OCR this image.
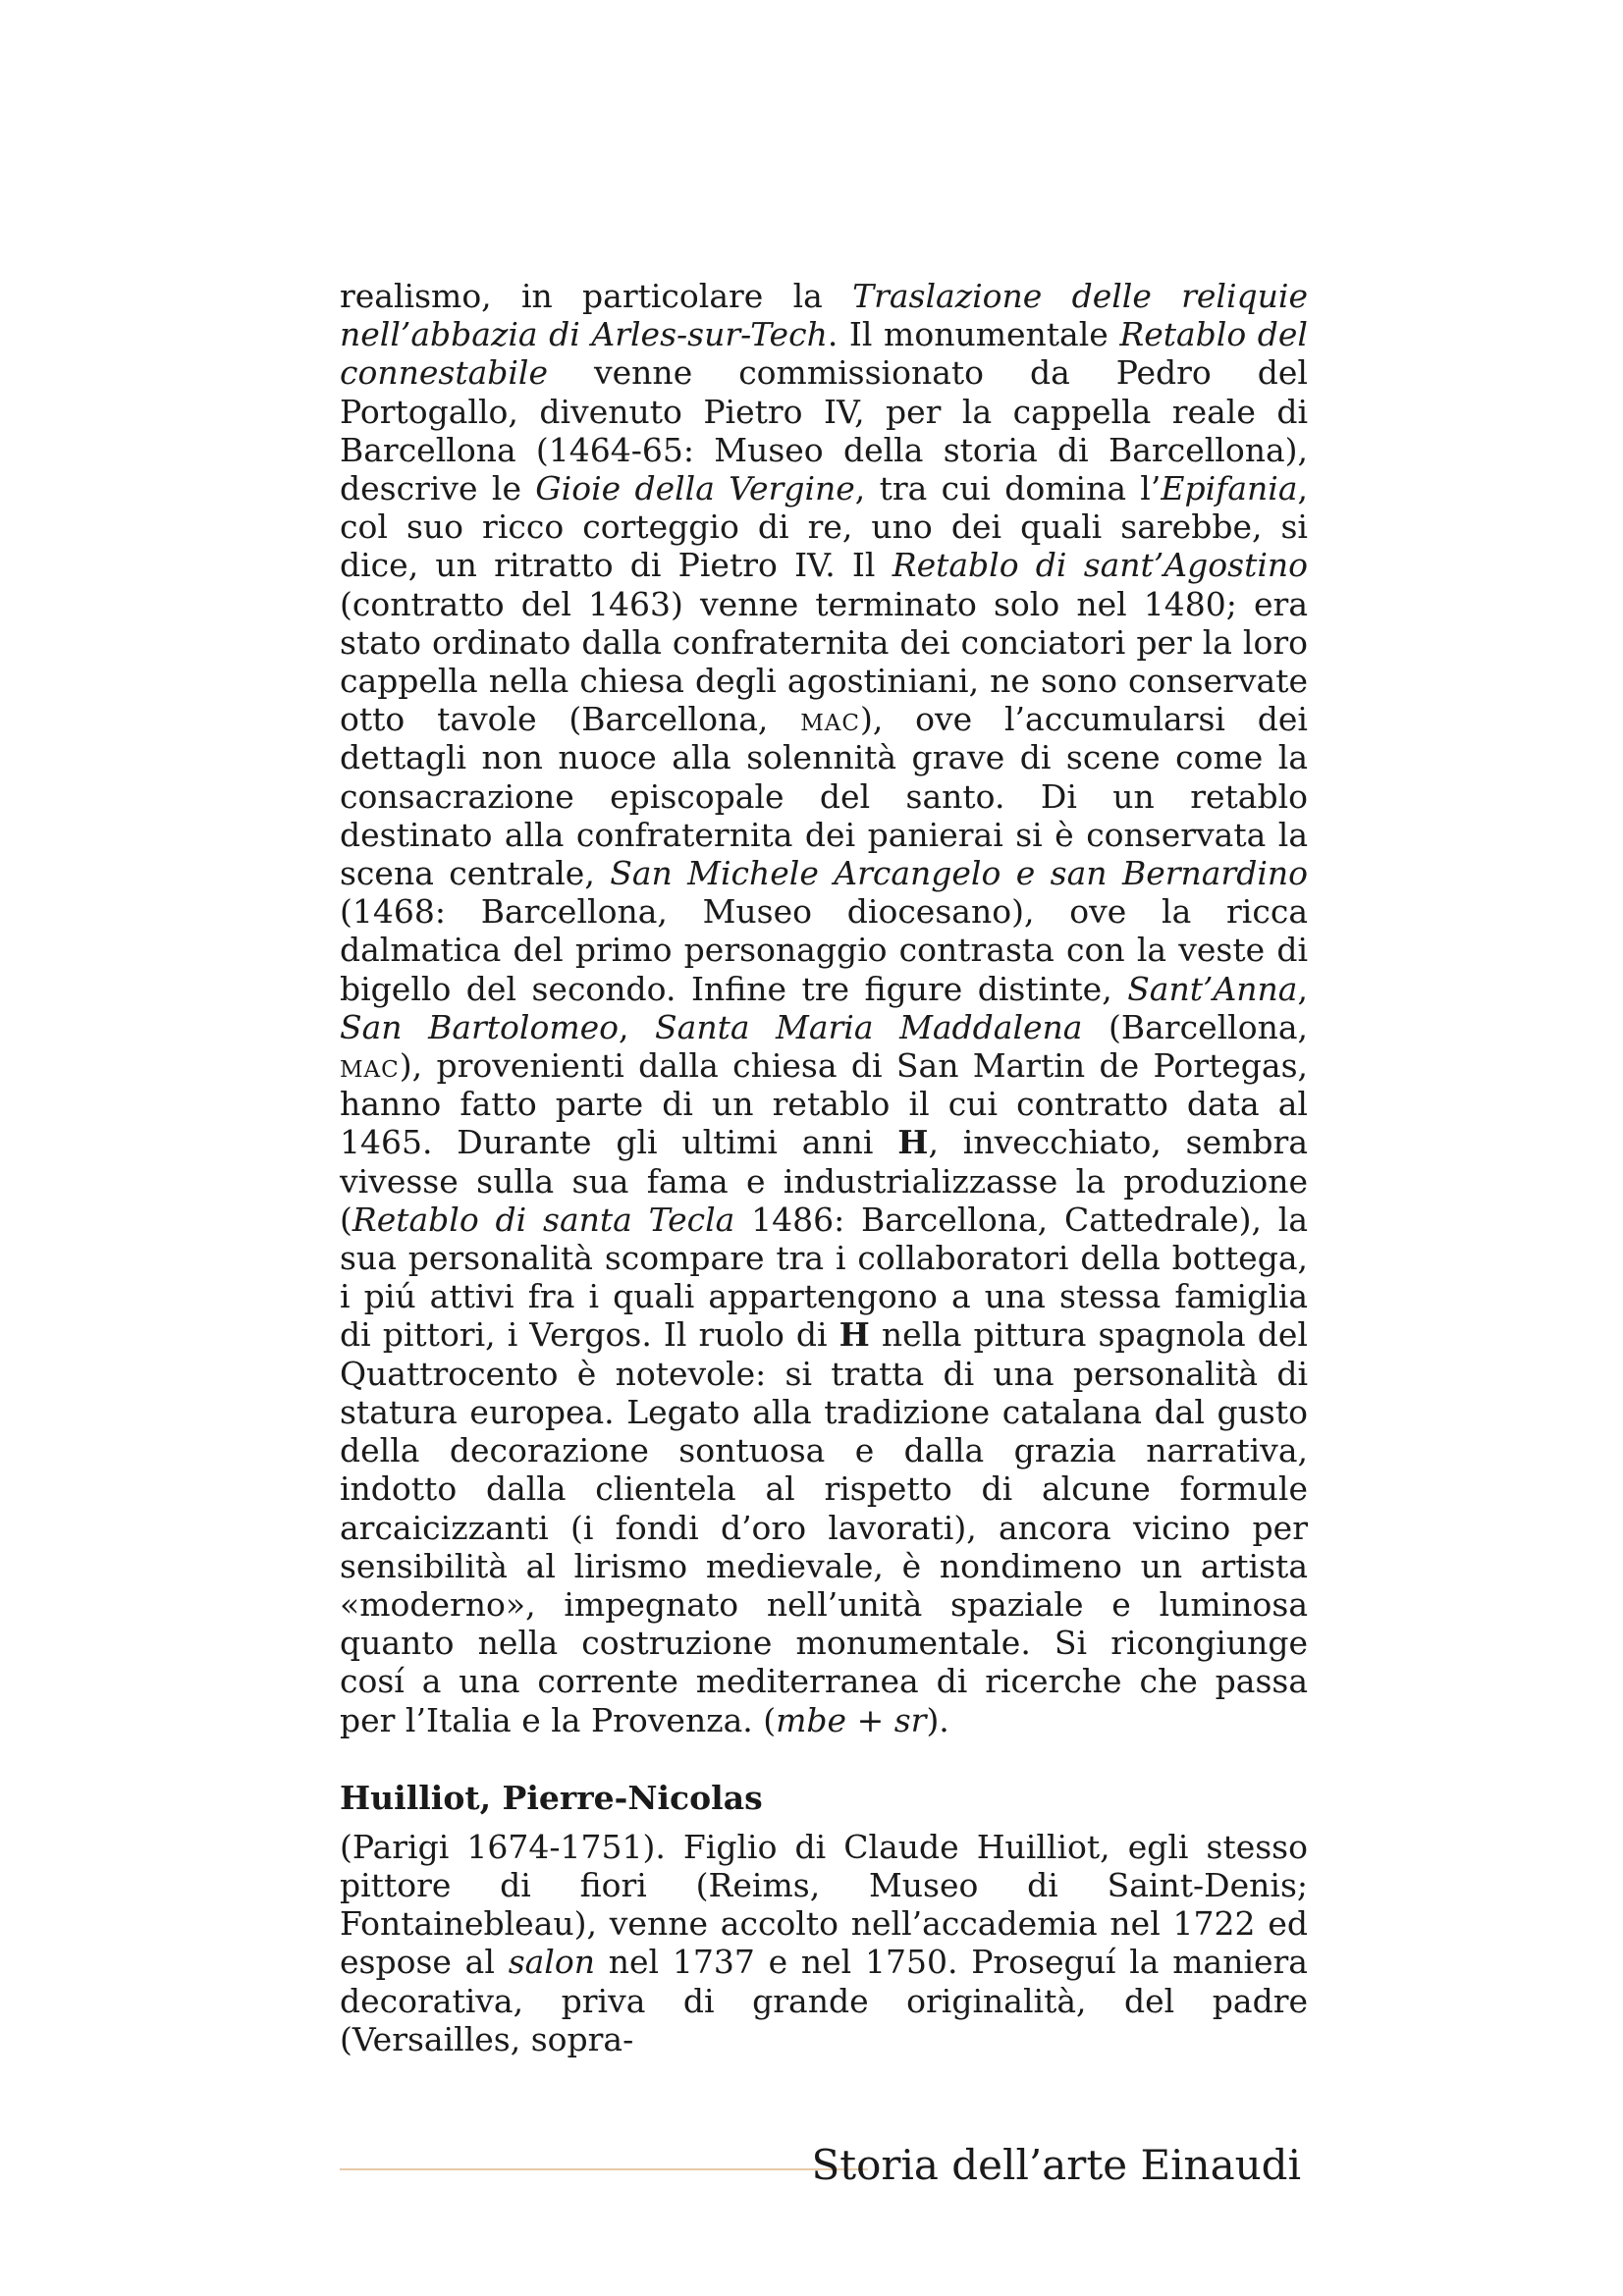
realismo, in particolare la Traslazione delle reliquie nell’abbazia di Arles-sur-Tech. Il monumentale Retablo del connestabile venne commissionato da Pedro del Portogallo, divenuto Pietro IV, per la cappella reale di Barcellona (1464-65: Museo della storia di Barcellona), descrive le Gioie della Vergine, tra cui domina l’Epifania, col suo ricco corteggio di re, uno dei quali sarebbe, si dice, un ritratto di Pietro IV. Il Retablo di sant’Agostino (contratto del 1463) venne terminato solo nel 1480; era stato ordinato dalla confraternita dei conciatori per la loro cappella nella chiesa degli agostiniani, ne sono conservate otto tavole (Barcellona, mac), ove l’accumularsi dei dettagli non nuoce alla solennità grave di scene come la consacrazione episcopale del santo. Di un retablo destinato alla confraternita dei panierai si è conservata la scena centrale, San Michele Arcangelo e san Bernardino (1468: Barcellona, Museo diocesano), ove la ricca dalmatica del primo personaggio contrasta con la veste di bigello del secondo. Infine tre figure distinte, Sant’Anna, San Bartolomeo, Santa Maria Maddalena (Barcellona, mac), provenienti dalla chiesa di San Martin de Portegas, hanno fatto parte di un retablo il cui contratto data al 1465. Durante gli ultimi anni H, invecchiato, sembra vivesse sulla sua fama e industrializzasse la produzione (Retablo di santa Tecla 1486: Barcellona, Cattedrale), la sua personalità scompare tra i collaboratori della bottega, i piú attivi fra i quali appartengono a una stessa famiglia di pittori, i Vergos. Il ruolo di H nella pittura spagnola del Quattrocento è notevole: si tratta di una personalità di statura europea. Legato alla tradizione catalana dal gusto della decorazione sontuosa e dalla grazia narrativa, indotto dalla clientela al rispetto di alcune formule arcaicizzanti (i fondi d’oro lavorati), ancora vicino per sensibilità al lirismo medievale, è nondimeno un artista «moderno», impegnato nell’unità spaziale e luminosa quanto nella costruzione monumentale. Si ricongiunge cosí a una corrente mediterranea di ricerche che passa per l’Italia e la Provenza. (mbe + sr).

Huilliot, Pierre-Nicolas

(Parigi 1674-1751). Figlio di Claude Huilliot, egli stesso pittore di fiori (Reims, Museo di Saint-Denis; Fontainebleau), venne accolto nell’accademia nel 1722 ed espose al salon nel 1737 e nel 1750. Proseguí la maniera decorativa, priva di grande originalità, del padre (Versailles, sopra-

Storia dell’arte Einaudi
